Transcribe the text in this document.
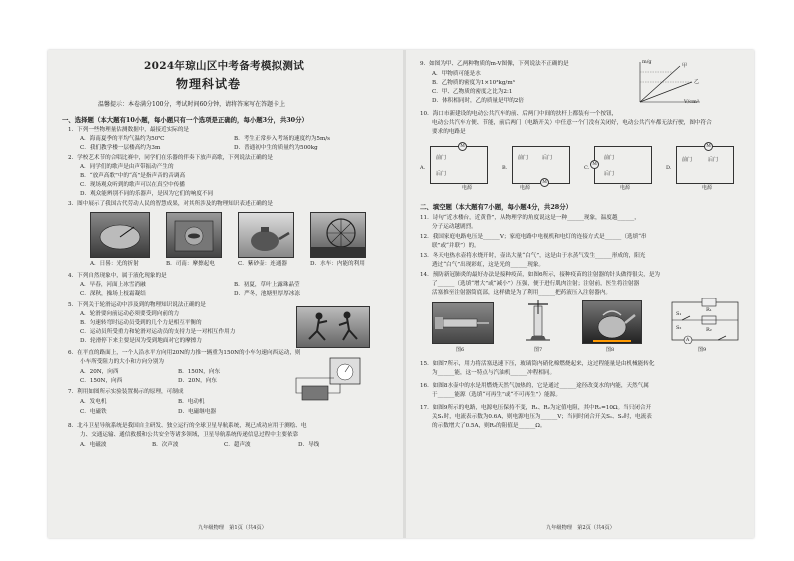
2024年琼山区中考备考模拟测试
物理科试卷
温馨提示：本卷满分100分，考试时间60分钟，请将答案写在答题卡上
一、选择题（本大题有10小题，每小题只有一个选项是正确的，每小题3分，共30分）
1．下列一些物理量估测数据中，最接近实际的是
A．海南夏季的平均气温约为50℃	B．考生正常步入考场的速度约为5m/s
C．我们教学楼一层楼高约为3m	D．普通初中生的质量约为500kg
2．学校艺术节的合唱比赛中，同学们在乐器的伴奏下放声高歌，下列说法正确的是
A．同学们的歌声是由声带振动产生的
B．“放声高歌”中的“高”是指声音的音调高
C．现场观众听到的歌声可以在真空中传播
D．观众能辨别不同的乐器声，是因为它们的响度不同
3．图中展示了我国古代劳动人民的智慧成果，对其所涉及的物理知识表述正确的是
A．日晷：光的折射	B．司南：摩擦起电	C．紫砂壶：连通器	D．水车：内能的利用
4．下列自然现象中，属于液化现象的是
A．早春，河面上冰雪消融	B．初夏，草叶上露珠晶莹
C．深秋，操场上枝霜凝结	D．严冬，池塘里厚厚冰冻
5．下列关于轮滑运动中涉及到的物理知识说法正确的是
A．轮滑要向前运动必须要受到向前的力
B．匀速转弯时运动员受到的几个力是相互平衡的
C．运动员所受重力和轮滑对运动员的支持力是一对相互作用力
D．轮滑停下来主要是因为受到地面对它的摩擦力
6．在平直的路面上，一个人沿水平方向用20N的力推一辆重为150N的小车匀速向西运动，则
小车所受阻力的大小和方向分别为
A．20N，向西	B．150N，向东
C．150N，向西	D．20N，向东
7．利用如图所示实验装置揭示的原理，可制成
A．发电机	B．电动机
C．电磁铁	D．电磁继电器
8．北斗卫星导航系统是我国自主研发、独立运行的全球卫星导航系统，现已成功应用于测绘、电
力、交通运输、通信救援和公共安全等诸多领域，卫星导航系统传递信息过程中主要依靠
A．电磁波	B．次声波	C．超声波	D．导线
九年级物理　第1页（共4页）
9．如图为甲、乙两种物质的m-V图像，下列说法不正确的是
A．甲物质可能是水
B．乙物质的密度为1×10³kg/m³
C．甲、乙物质的密度之比为2:1
D．体积相同时，乙的质量是甲的2倍
m/g
V/cm³
甲
乙
10．海口市新建设的电动公共汽车的前、后两门中间的扶杆上都装有一个按钮，
电动公共汽车方便、节能，前后两门（电路开关）中任意一个门没有关闭好，电动公共汽车都无法行驶，图中符合
要求的电路是
A.
M
前门
后门
电源
B.
M
前门	后门
电源
C.
M
前门
后门
电源
D.
M
前门	后门
电源
二、填空题（本大题有7小题，每小题4分，共28分）
11．诗句“近水楼台，近黄昏”，从物理学的角度说这是一种______现象，温度越______，
分子运动越剧烈。
12．我国家庭电路电压是______V；家庭电路中电视机和电灯的连接方式是______（选填“串
联”或“并联”）的。
13．冬天电热水壶将水烧开时，壶出大量“白气”，这是由于水蒸气发生______形成的，阳光
透过“白气”出现彩虹，这是光的______现象。
14．预防新冠肺炎的最好办法是接种疫苗，如图6所示，接种疫苗的注射器的针头做得很尖，是为
了______（选填“增大”或“减小”）压强，便于进行肌肉注射；注射前，医生将注射器
活塞推至注射器筒底部，这样做是为了利用______把药液压入注射器内。
图6	图7	图8
R₁
R₂
S₁
S₂
A
图9
15．如图7所示，用力将活塞迅速下压，玻璃筒内硝化棉燃烧起来，这过程能量是由机械能转化
为______能，这一特点与汽油机______冲程相同。
16．如图8水壶中的水是用燃烧天然气加热的，它是通过______途径改变水的内能，天然气属
于______能源（选填“可再生”或“不可再生”）能源。
17．如图9所示的电路，电源电压保持不变，R₁、R₂为定值电阻，其中R₁=10Ω。当只闭合开
关S₁时，电流表示数为0.6A，则电源电压为______V；当同时闭合开关S₁、S₂时，电流表
的示数增大了0.5A，则R₂的阻值是______Ω。
九年级物理　第2页（共4页）
